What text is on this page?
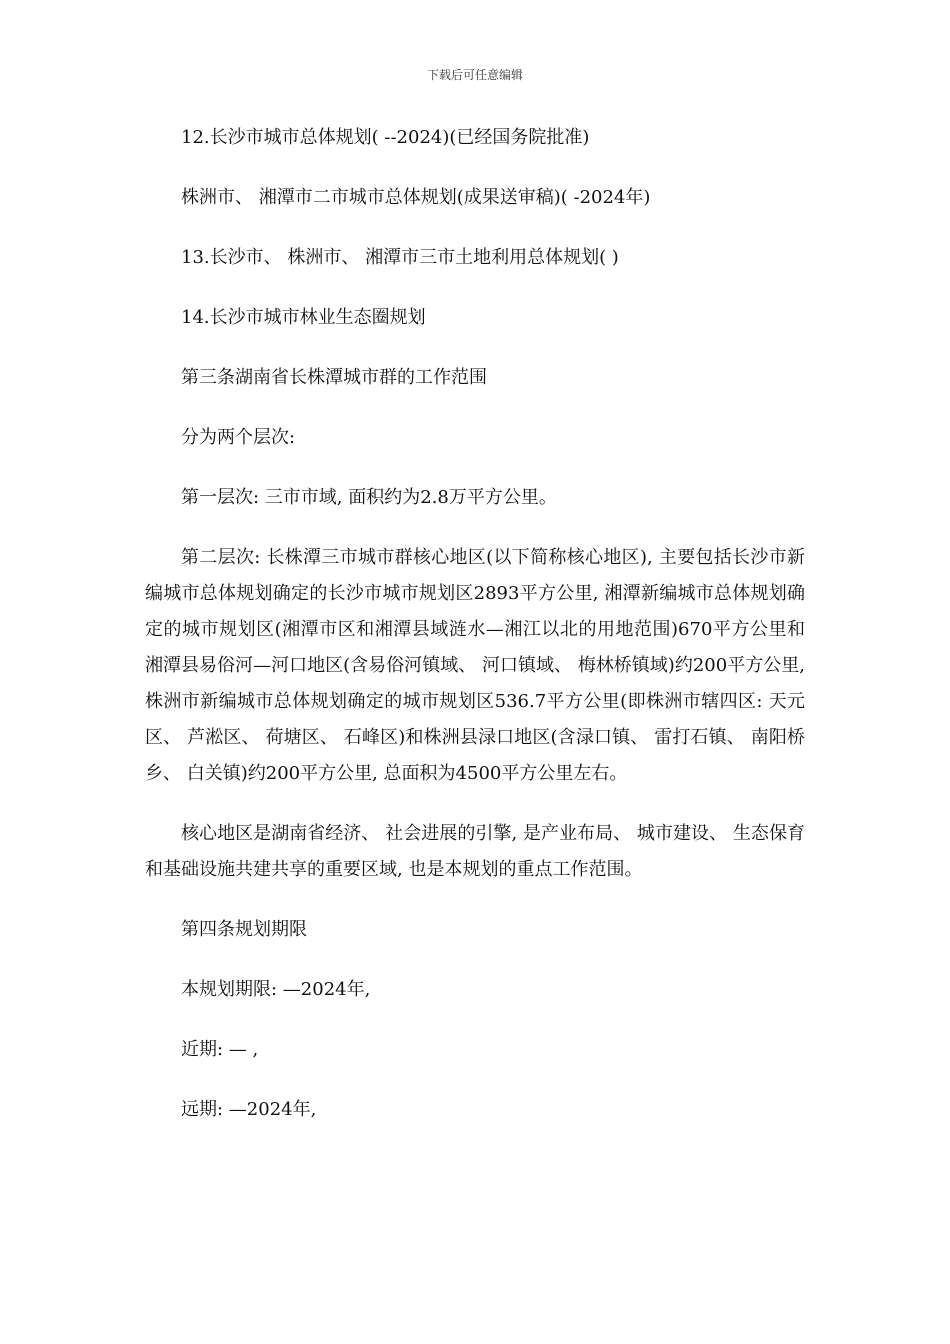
下载后可任意编辑

12.长沙市城市总体规划( --2024)(已经国务院批准)

株洲市、 湘潭市二市城市总体规划(成果送审稿)( -2024年)

13.长沙市、 株洲市、 湘潭市三市土地利用总体规划( )

14.长沙市城市林业生态圈规划

第三条湖南省长株潭城市群的工作范围

分为两个层次:

第一层次: 三市市域, 面积约为2.8万平方公里。

第二层次: 长株潭三市城市群核心地区(以下简称核心地区), 主要包括长沙市新编城市总体规划确定的长沙市城市规划区2893平方公里, 湘潭新编城市总体规划确定的城市规划区(湘潭市区和湘潭县域涟水—湘江以北的用地范围)670平方公里和湘潭县易俗河—河口地区(含易俗河镇域、 河口镇域、 梅林桥镇域)约200平方公里, 株洲市新编城市总体规划确定的城市规划区536.7平方公里(即株洲市辖四区: 天元区、 芦淞区、 荷塘区、 石峰区)和株洲县渌口地区(含渌口镇、 雷打石镇、 南阳桥乡、 白关镇)约200平方公里, 总面积为4500平方公里左右。

核心地区是湖南省经济、 社会进展的引擎, 是产业布局、 城市建设、 生态保育和基础设施共建共享的重要区域, 也是本规划的重点工作范围。

第四条规划期限

本规划期限: —2024年,

近期: — ,

远期: —2024年,
